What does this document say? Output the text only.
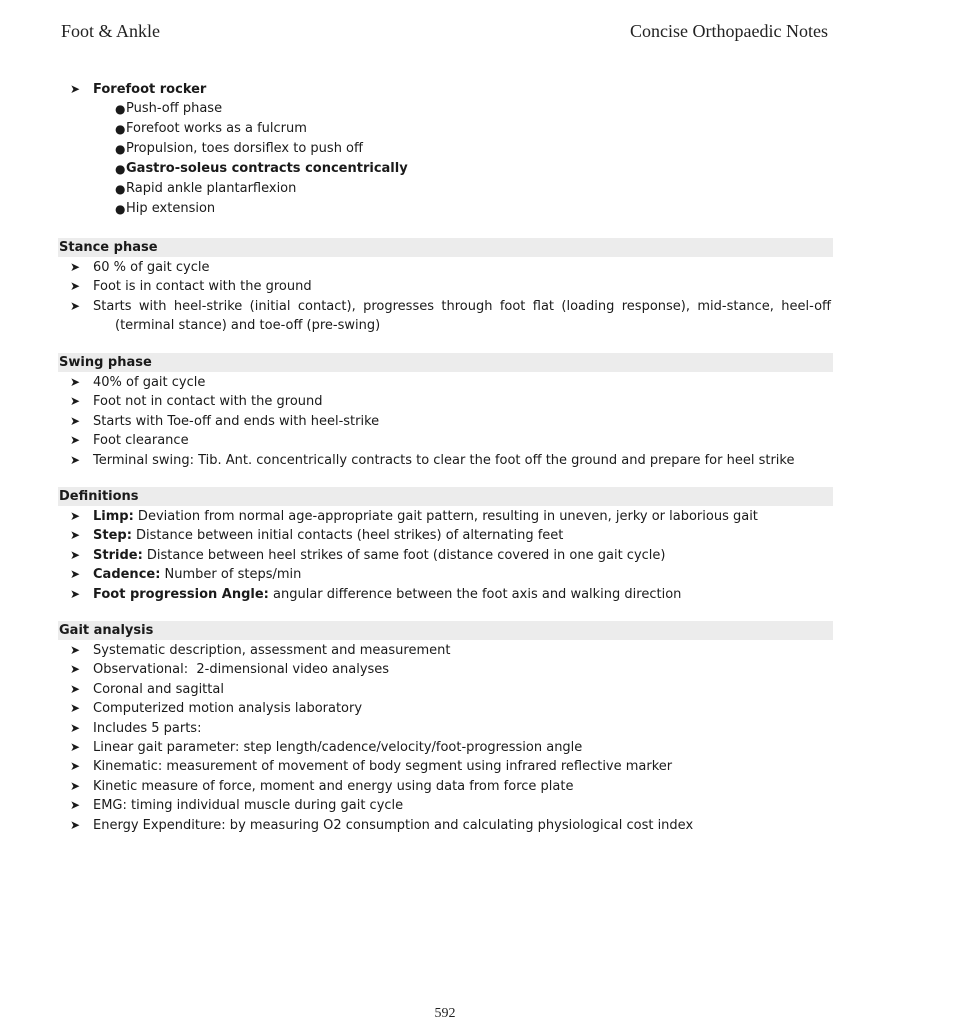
Foot & Ankle	Concise Orthopaedic Notes
➤ Forefoot rocker
● Push-off phase
● Forefoot works as a fulcrum
● Propulsion, toes dorsiflex to push off
● Gastro-soleus contracts concentrically
● Rapid ankle plantarflexion
● Hip extension
Stance phase
➤ 60 % of gait cycle
➤ Foot is in contact with the ground
➤ Starts with heel-strike (initial contact), progresses through foot flat (loading response), mid-stance, heel-off
(terminal stance) and toe-off (pre-swing)
Swing phase
➤ 40% of gait cycle
➤ Foot not in contact with the ground
➤ Starts with Toe-off and ends with heel-strike
➤ Foot clearance
➤ Terminal swing: Tib. Ant. concentrically contracts to clear the foot off the ground and prepare for heel strike
Definitions
➤ Limp: Deviation from normal age-appropriate gait pattern, resulting in uneven, jerky or laborious gait
➤ Step: Distance between initial contacts (heel strikes) of alternating feet
➤ Stride: Distance between heel strikes of same foot (distance covered in one gait cycle)
➤ Cadence: Number of steps/min
➤ Foot progression Angle: angular difference between the foot axis and walking direction
Gait analysis
➤ Systematic description, assessment and measurement
➤ Observational:  2-dimensional video analyses
➤ Coronal and sagittal
➤ Computerized motion analysis laboratory
➤ Includes 5 parts:
➤ Linear gait parameter: step length/cadence/velocity/foot-progression angle
➤ Kinematic: measurement of movement of body segment using infrared reflective marker
➤ Kinetic measure of force, moment and energy using data from force plate
➤ EMG: timing individual muscle during gait cycle
➤ Energy Expenditure: by measuring O2 consumption and calculating physiological cost index
592
